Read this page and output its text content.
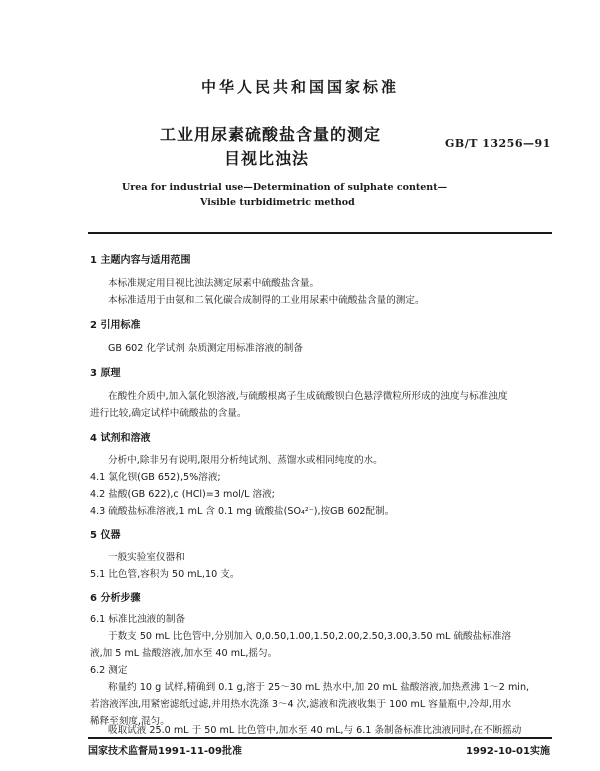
中华人民共和国国家标准
工业用尿素硫酸盐含量的测定
目视比浊法
GB/T 13256—91
Urea for industrial use—Determination of sulphate content—
Visible turbidimetric method
1 主题内容与适用范围
本标准规定用目视比浊法测定尿素中硫酸盐含量。
本标准适用于由氨和二氧化碳合成制得的工业用尿素中硫酸盐含量的测定。
2 引用标准
GB 602 化学试剂 杂质测定用标准溶液的制备
3 原理
在酸性介质中,加入氯化钡溶液,与硫酸根离子生成硫酸钡白色悬浮微粒所形成的浊度与标准浊度
进行比较,确定试样中硫酸盐的含量。
4 试剂和溶液
分析中,除非另有说明,限用分析纯试剂、蒸馏水或相同纯度的水。
4.1 氯化钡(GB 652),5%溶液;
4.2 盐酸(GB 622),c (HCl)=3 mol/L 溶液;
4.3 硫酸盐标准溶液,1 mL 含 0.1 mg 硫酸盐(SO₄²⁻),按GB 602配制。
5 仪器
一般实验室仪器和
5.1 比色管,容积为 50 mL,10 支。
6 分析步骤
6.1 标准比浊液的制备
于数支 50 mL 比色管中,分别加入 0,0.50,1.00,1.50,2.00,2.50,3.00,3.50 mL 硫酸盐标准溶
液,加 5 mL 盐酸溶液,加水至 40 mL,摇匀。
6.2 测定
称量约 10 g 试样,精确到 0.1 g,溶于 25～30 mL 热水中,加 20 mL 盐酸溶液,加热煮沸 1～2 min,
若溶液浑浊,用紧密滤纸过滤,并用热水洗涤 3～4 次,滤液和洗液收集于 100 mL 容量瓶中,冷却,用水
稀释至刻度,混匀。
吸取试液 25.0 mL 于 50 mL 比色管中,加水至 40 mL,与 6.1 条制备标准比浊液同时,在不断摇动
国家技术监督局1991-11-09批准	1992-10-01实施
